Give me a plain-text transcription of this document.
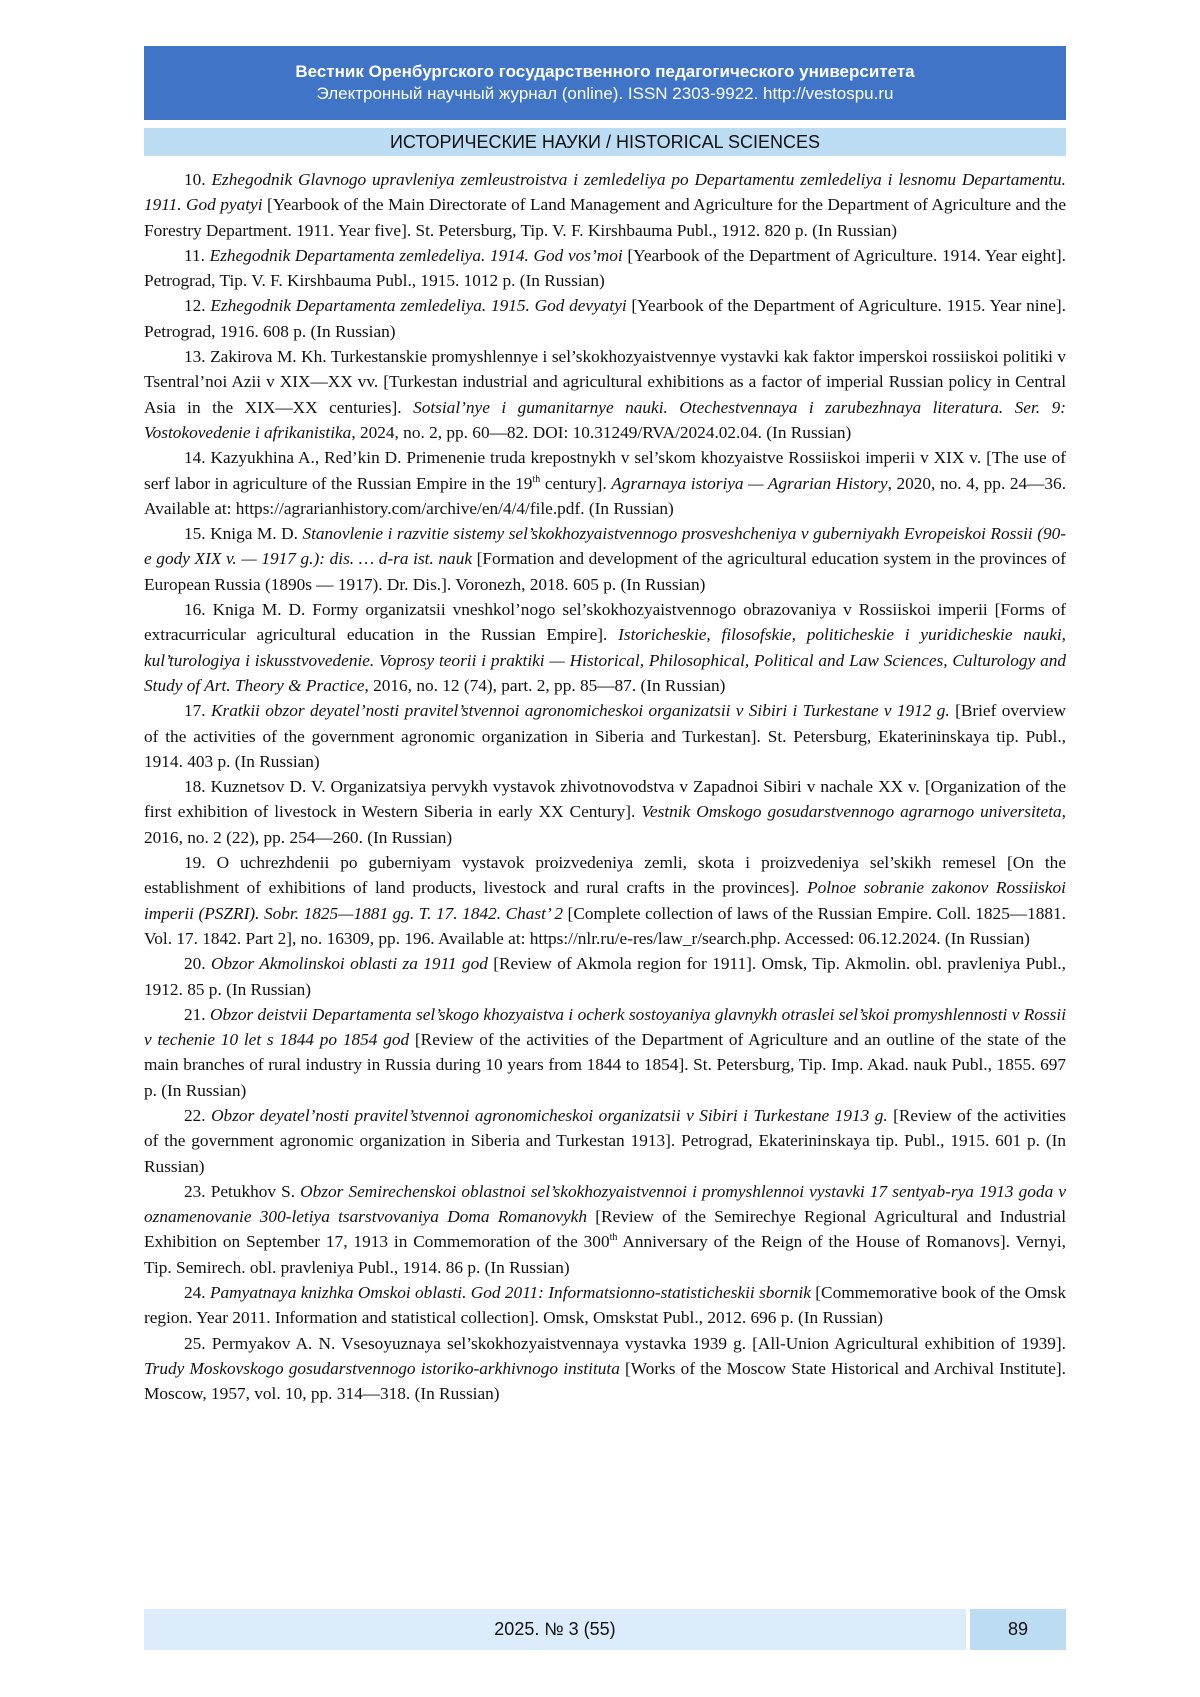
Вестник Оренбургского государственного педагогического университета
Электронный научный журнал (online). ISSN 2303-9922. http://vestospu.ru
ИСТОРИЧЕСКИЕ НАУКИ / HISTORICAL SCIENCES

10. Ezhegodnik Glavnogo upravleniya zemleustroistva i zemledeliya po Departamentu zemledeliya i lesnomu Departamentu. 1911. God pyatyi [Yearbook of the Main Directorate of Land Management and Agriculture for the Department of Agriculture and the Forestry Department. 1911. Year five]. St. Petersburg, Tip. V. F. Kirshbauma Publ., 1912. 820 p. (In Russian)

11. Ezhegodnik Departamenta zemledeliya. 1914. God vos’moi [Yearbook of the Department of Agriculture. 1914. Year eight]. Petrograd, Tip. V. F. Kirshbauma Publ., 1915. 1012 p. (In Russian)

12. Ezhegodnik Departamenta zemledeliya. 1915. God devyatyi [Yearbook of the Department of Agriculture. 1915. Year nine]. Petrograd, 1916. 608 p. (In Russian)

13. Zakirova M. Kh. Turkestanskie promyshlennye i sel’skokhozyaistvennye vystavki kak faktor imperskoi rossiiskoi politiki v Tsentral’noi Azii v XIX—XX vv. [Turkestan industrial and agricultural exhibitions as a factor of imperial Russian policy in Central Asia in the XIX—XX centuries]. Sotsial’nye i gumanitarnye nauki. Otechestvennaya i zarubezhnaya literatura. Ser. 9: Vostokovedenie i afrikanistika, 2024, no. 2, pp. 60—82. DOI: 10.31249/RVA/2024.02.04. (In Russian)

14. Kazyukhina A., Red’kin D. Primenenie truda krepostnykh v sel’skom khozyaistve Rossiiskoi imperii v XIX v. [The use of serf labor in agriculture of the Russian Empire in the 19th century]. Agrarnaya istoriya — Agrarian History, 2020, no. 4, pp. 24—36. Available at: https://agrarianhistory.com/archive/en/4/4/file.pdf. (In Russian)

15. Kniga M. D. Stanovlenie i razvitie sistemy sel’skokhozyaistvennogo prosveshcheniya v guberniyakh Evropeiskoi Rossii (90-e gody XIX v. — 1917 g.): dis. … d-ra ist. nauk [Formation and development of the agricultural education system in the provinces of European Russia (1890s — 1917). Dr. Dis.]. Voronezh, 2018. 605 p. (In Russian)

16. Kniga M. D. Formy organizatsii vneshkol’nogo sel’skokhozyaistvennogo obrazovaniya v Rossiiskoi imperii [Forms of extracurricular agricultural education in the Russian Empire]. Istoricheskie, filosofskie, politicheskie i yuridicheskie nauki, kul’turologiya i iskusstvovedenie. Voprosy teorii i praktiki — Historical, Philosophical, Political and Law Sciences, Culturology and Study of Art. Theory & Practice, 2016, no. 12 (74), part. 2, pp. 85—87. (In Russian)

17. Kratkii obzor deyatel’nosti pravitel’stvennoi agronomicheskoi organizatsii v Sibiri i Turkestane v 1912 g. [Brief overview of the activities of the government agronomic organization in Siberia and Turkestan]. St. Petersburg, Ekaterininskaya tip. Publ., 1914. 403 p. (In Russian)

18. Kuznetsov D. V. Organizatsiya pervykh vystavok zhivotnovodstva v Zapadnoi Sibiri v nachale XX v. [Organization of the first exhibition of livestock in Western Siberia in early XX Century]. Vestnik Omskogo gosudarstvennogo agrarnogo universiteta, 2016, no. 2 (22), pp. 254—260. (In Russian)

19. O uchrezhdenii po guberniyam vystavok proizvedeniya zemli, skota i proizvedeniya sel’skikh remesel [On the establishment of exhibitions of land products, livestock and rural crafts in the provinces]. Polnoe sobranie zakonov Rossiiskoi imperii (PSZRI). Sobr. 1825—1881 gg. T. 17. 1842. Chast’ 2 [Complete collection of laws of the Russian Empire. Coll. 1825—1881. Vol. 17. 1842. Part 2], no. 16309, pp. 196. Available at: https://nlr.ru/e-res/law_r/search.php. Accessed: 06.12.2024. (In Russian)

20. Obzor Akmolinskoi oblasti za 1911 god [Review of Akmola region for 1911]. Omsk, Tip. Akmolin. obl. pravleniya Publ., 1912. 85 p. (In Russian)

21. Obzor deistvii Departamenta sel’skogo khozyaistva i ocherk sostoyaniya glavnykh otraslei sel’skoi promyshlennosti v Rossii v techenie 10 let s 1844 po 1854 god [Review of the activities of the Department of Agriculture and an outline of the state of the main branches of rural industry in Russia during 10 years from 1844 to 1854]. St. Petersburg, Tip. Imp. Akad. nauk Publ., 1855. 697 p. (In Russian)

22. Obzor deyatel’nosti pravitel’stvennoi agronomicheskoi organizatsii v Sibiri i Turkestane 1913 g. [Review of the activities of the government agronomic organization in Siberia and Turkestan 1913]. Petrograd, Ekaterininskaya tip. Publ., 1915. 601 p. (In Russian)

23. Petukhov S. Obzor Semirechenskoi oblastnoi sel’skokhozyaistvennoi i promyshlennoi vystavki 17 sentyab-rya 1913 goda v oznamenovanie 300-letiya tsarstvovaniya Doma Romanovykh [Review of the Semirechye Regional Agricultural and Industrial Exhibition on September 17, 1913 in Commemoration of the 300th Anniversary of the Reign of the House of Romanovs]. Vernyi, Tip. Semirech. obl. pravleniya Publ., 1914. 86 p. (In Russian)

24. Pamyatnaya knizhka Omskoi oblasti. God 2011: Informatsionno-statisticheskii sbornik [Commemorative book of the Omsk region. Year 2011. Information and statistical collection]. Omsk, Omskstat Publ., 2012. 696 p. (In Russian)

25. Permyakov A. N. Vsesoyuznaya sel’skokhozyaistvennaya vystavka 1939 g. [All-Union Agricultural exhibition of 1939]. Trudy Moskovskogo gosudarstvennogo istoriko-arkhivnogo instituta [Works of the Moscow State Historical and Archival Institute]. Moscow, 1957, vol. 10, pp. 314—318. (In Russian)

2025. № 3 (55)	89
